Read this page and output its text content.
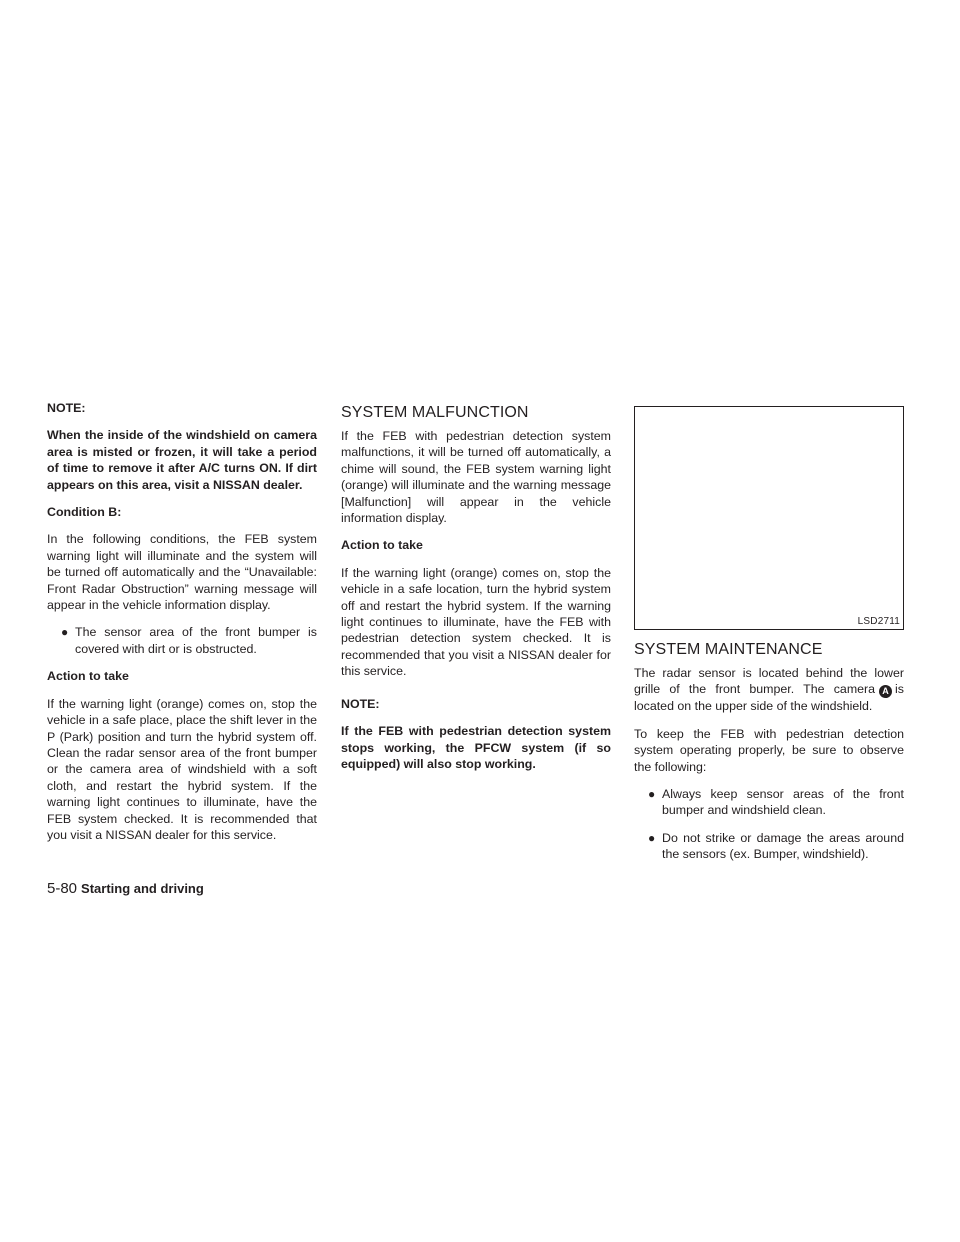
NOTE:
When the inside of the windshield on camera area is misted or frozen, it will take a period of time to remove it after A/C turns ON. If dirt appears on this area, visit a NISSAN dealer.
Condition B:

In the following conditions, the FEB system warning light will illuminate and the system will be turned off automatically and the “Unavailable: Front Radar Obstruction” warning message will appear in the vehicle information display.

● The sensor area of the front bumper is covered with dirt or is obstructed.
Action to take

If the warning light (orange) comes on, stop the vehicle in a safe place, place the shift lever in the P (Park) position and turn the hybrid system off. Clean the radar sensor area of the front bumper or the camera area of windshield with a soft cloth, and restart the hybrid system. If the warning light continues to illuminate, have the FEB system checked. It is recommended that you visit a NISSAN dealer for this service.

SYSTEM MALFUNCTION

If the FEB with pedestrian detection system malfunctions, it will be turned off automatically, a chime will sound, the FEB system warning light (orange) will illuminate and the warning message [Malfunction] will appear in the vehicle information display.

Action to take

If the warning light (orange) comes on, stop the vehicle in a safe location, turn the hybrid system off and restart the hybrid system. If the warning light continues to illuminate, have the FEB with pedestrian detection system checked. It is recommended that you visit a NISSAN dealer for this service.

NOTE:
If the FEB with pedestrian detection system stops working, the PFCW system (if so equipped) will also stop working.
LSD2711
SYSTEM MAINTENANCE

The radar sensor is located behind the lower grille of the front bumper. The camera A is located on the upper side of the windshield.

To keep the FEB with pedestrian detection system operating properly, be sure to observe the following:

● Always keep sensor areas of the front bumper and windshield clean.
● Do not strike or damage the areas around the sensors (ex. Bumper, windshield).
5-80 Starting and driving
